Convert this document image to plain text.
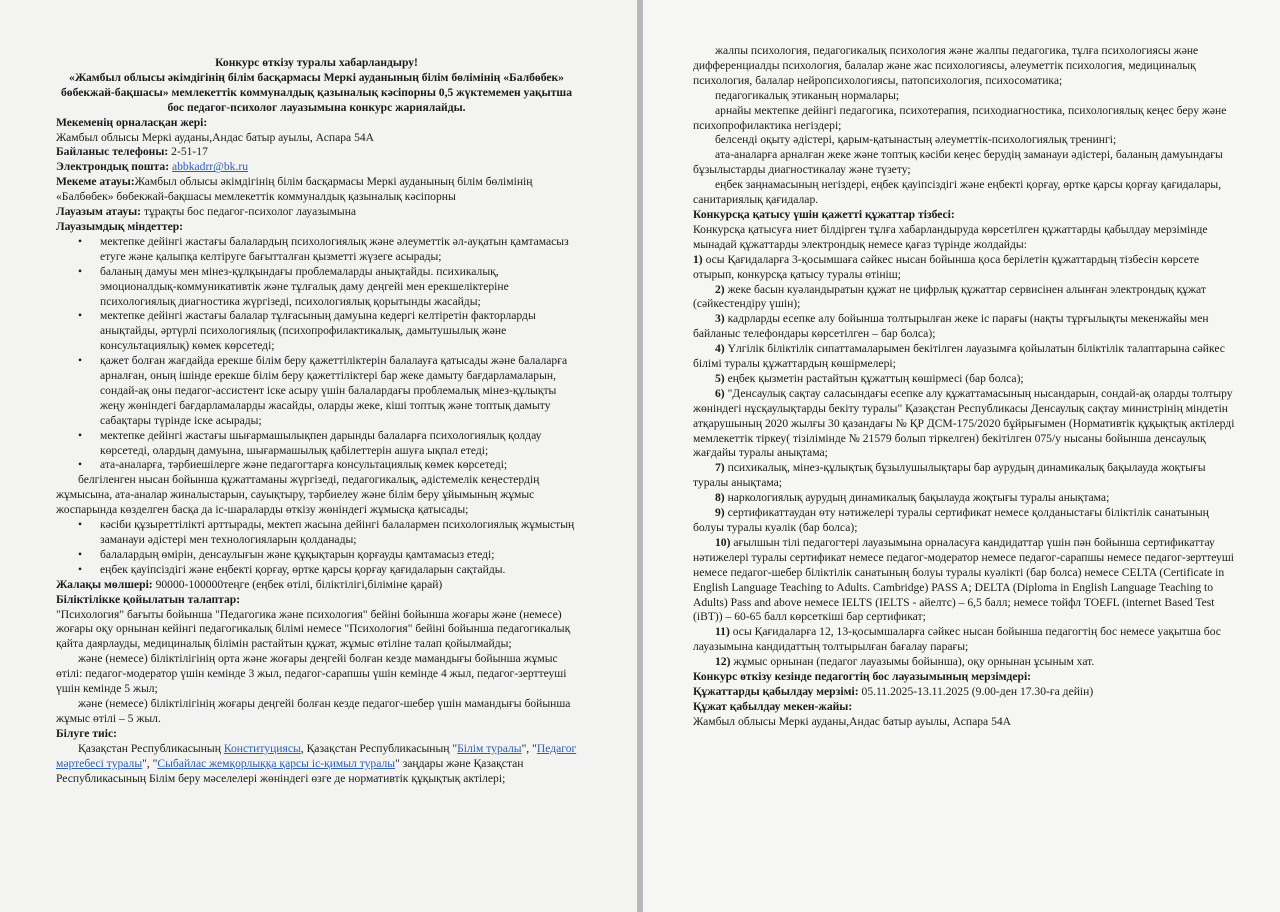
Конкурс өткізу туралы хабарландыру!

«Жамбыл облысы әкімдігінің білім басқармасы Меркі ауданының білім бөлімінің «Балбөбек» бөбекжай-бақшасы» мемлекеттік коммуналдық қазыналық кәсіпорны 0,5 жүктемемен уақытша бос педагог-психолог лауазымына конкурс жариялайды.

Мекеменің орналасқан жері:

Жамбыл облысы Меркі ауданы,Андас батыр ауылы, Аспара 54А

Байланыс телефоны: 2-51-17

Электрондық пошта: abbkadrr@bk.ru

Мекеме атауы:Жамбыл облысы әкімдігінің білім басқармасы Меркі ауданының білім бөлімінің «Балбөбек» бөбекжай-бақшасы мемлекеттік коммуналдық қазыналық кәсіпорны

Лауазым атауы: тұрақты бос педагог-психолог лауазымына

Лауазымдық міндеттер:

• мектепке дейінгі жастағы балалардың психологиялық және әлеуметтік әл-ауқатын қамтамасыз етуге және қалыпқа келтіруге бағытталған қызметті жүзеге асырады;
• баланың дамуы мен мінез-құлқындағы проблемаларды анықтайды. психикалық, эмоционалдық-коммуникативтік және тұлғалық даму деңгейі мен ерекшеліктеріне психологиялық диагностика жүргізеді, психологиялық қорытынды жасайды;
• мектепке дейінгі жастағы балалар тұлғасының дамуына кедергі келтіретін факторларды анықтайды, әртүрлі психологиялық (психопрофилактикалық, дамытушылық және консультациялық) көмек көрсетеді;
• қажет болған жағдайда ерекше білім беру қажеттіліктерін балалауға қатысады және балаларға арналған, оның ішінде ерекше білім беру қажеттіліктері бар жеке дамыту бағдарламаларын, сондай-ақ оны педагог-ассистент іске асыру үшін балалардағы проблемалық мінез-құлықты жеңу жөніндегі бағдарламаларды жасайды, оларды жеке, кіші топтық және топтық дамыту сабақтары түрінде іске асырады;
• мектепке дейінгі жастағы шығармашылықпен дарынды балаларға психологиялық қолдау көрсетеді, олардың дамуына, шығармашылық қабілеттерін ашуға ықпал етеді;
• ата-аналарға, тәрбиешілерге және педагогтарға консультациялық көмек көрсетеді;

белгіленген нысан бойынша құжаттаманы жүргізеді, педагогикалық, әдістемелік кеңестердің жұмысына, ата-аналар жиналыстарын, сауықтыру, тәрбиелеу және білім беру ұйымының жұмыс жоспарында көзделген басқа да іс-шараларды өткізу жөніндегі жұмысқа қатысады;

• кәсіби құзыреттілікті арттырады, мектеп жасына дейінгі балалармен психологиялық жұмыстың заманауи әдістері мен технологияларын қолданады;
• балалардың өмірін, денсаулығын және құқықтарын қорғауды қамтамасыз етеді;
• еңбек қауіпсіздігі және еңбекті қорғау, өртке қарсы қорғау қағидаларын сақтайды.

Жалақы мөлшері: 90000-100000теңге (еңбек өтілі, біліктілігі,біліміне қарай)

Біліктілікке қойылатын талаптар:

"Психология" бағыты бойынша "Педагогика және психология" бейіні бойынша жоғары және (немесе) жоғары оқу орнынан кейінгі педагогикалық білімі немесе "Психология" бейіні бойынша педагогикалық қайта даярлауды, медициналық білімін растайтын құжат, жұмыс өтіліне талап қойылмайды;

және (немесе) біліктілігінің орта және жоғары деңгейі болған кезде мамандығы бойынша жұмыс өтілі: педагог-модератор үшін кемінде 3 жыл, педагог-сарапшы үшін кемінде 4 жыл, педагог-зерттеуші үшін кемінде 5 жыл;

және (немесе) біліктілігінің жоғары деңгейі болған кезде педагог-шебер үшін мамандығы бойынша жұмыс өтілі – 5 жыл.

Білуге тиіс:

Қазақстан Республикасының Конституциясы, Қазақстан Республикасының "Білім туралы", "Педагог мәртебесі туралы", "Сыбайлас жемқорлыққа қарсы іс-қимыл туралы" заңдары және Қазақстан Республикасының Білім беру мәселелері жөніндегі өзге де нормативтік құқықтық актілері;

жалпы психология, педагогикалық психология және жалпы педагогика, тұлға психологиясы және дифференциалды психология, балалар және жас психологиясы, әлеуметтік психология, медициналық психология, балалар нейропсихологиясы, патопсихология, психосоматика;

педагогикалық этиканың нормалары;

арнайы мектепке дейінгі педагогика, психотерапия, психодиагностика, психологиялық кеңес беру және психопрофилактика негіздері;

белсенді оқыту әдістері, қарым-қатынастың әлеуметтік-психологиялық тренингі;

ата-аналарға арналған жеке және топтық кәсіби кеңес берудің заманауи әдістері, баланың дамуындағы бұзылыстарды диагностикалау және түзету;

еңбек заңнамасының негіздері, еңбек қауіпсіздігі және еңбекті қорғау, өртке қарсы қорғау қағидалары, санитариялық қағидалар.

Конкурсқа қатысу үшін қажетті құжаттар тізбесі:

Конкурсқа қатысуға ниет білдірген тұлға хабарландыруда көрсетілген құжаттарды қабылдау мерзімінде мынадай құжаттарды электрондық немесе қағаз түрінде жолдайды:

1) осы Қағидаларға 3-қосымшаға сәйкес нысан бойынша қоса берілетін құжаттардың тізбесін көрсете отырып, конкурсқа қатысу туралы өтініш;

2) жеке басын куәландыратын құжат не цифрлық құжаттар сервисінен алынған электрондық құжат (сәйкестендіру үшін);

3) кадрларды есепке алу бойынша толтырылған жеке іс парағы (нақты тұрғылықты мекенжайы мен байланыс телефондары көрсетілген – бар болса);

4) Үлгілік біліктілік сипаттамаларымен бекітілген лауазымға қойылатын біліктілік талаптарына сәйкес білімі туралы құжаттардың көшірмелері;

5) еңбек қызметін растайтын құжаттың көшірмесі (бар болса);

6) "Денсаулық сақтау саласындағы есепке алу құжаттамасының нысандарын, сондай-ақ оларды толтыру жөніндегі нұсқаулықтарды бекіту туралы" Қазақстан Республикасы Денсаулық сақтау министрінің міндетін атқарушының 2020 жылғы 30 қазандағы № ҚР ДСМ-175/2020 бұйрығымен (Нормативтік құқықтық актілерді мемлекеттік тіркеу( тізілімінде № 21579 болып тіркелген) бекітілген 075/у нысаны бойынша денсаулық жағдайы туралы анықтама;

7) психикалық, мінез-құлықтық бұзылушылықтары бар аурудың динамикалық бақылауда жоқтығы туралы анықтама;

8) наркологиялық аурудың динамикалық бақылауда жоқтығы туралы анықтама;

9) сертификаттаудан өту нәтижелері туралы сертификат немесе қолданыстағы біліктілік санатының болуы туралы куәлік (бар болса);

10) ағылшын тілі педагогтері лауазымына орналасуға кандидаттар үшін пән бойынша сертификаттау нәтижелері туралы сертификат немесе педагог-модератор немесе педагог-сарапшы немесе педагог-зерттеуші немесе педагог-шебер біліктілік санатының болуы туралы куәлікті (бар болса) немесе CELTA (Certificate in English Language Teaching to Adults. Cambridge) PASS A; DELTA (Diploma in English Language Teaching to Adults) Pass and above немесе IELTS (IELTS - айелтс) – 6,5 балл; немесе тойфл TOEFL (internet Based Test (iBT)) – 60-65 балл көрсеткіші бар сертификат;

11) осы Қағидаларға 12, 13-қосымшаларға сәйкес нысан бойынша педагогтің бос немесе уақытша бос лауазымына кандидаттың толтырылған бағалау парағы;

12) жұмыс орнынан (педагог лауазымы бойынша), оқу орнынан ұсыным хат.

Конкурс өткізу кезінде педагогтің бос лауазымының мерзімдері:

Құжаттарды қабылдау мерзімі: 05.11.2025-13.11.2025 (9.00-ден 17.30-ға дейін)

Құжат қабылдау мекен-жайы:

Жамбыл облысы Меркі ауданы,Андас батыр ауылы, Аспара 54А
